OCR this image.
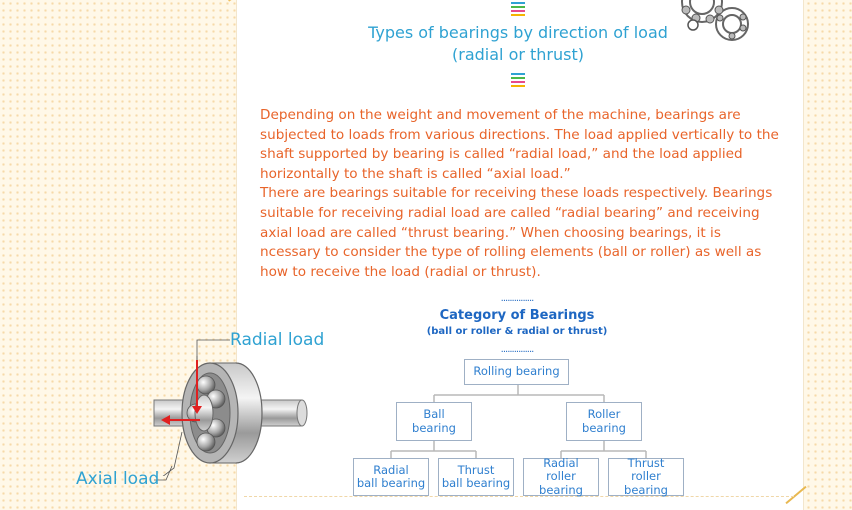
Types of bearings by direction of load
(radial or thrust)

Depending on the weight and movement of the machine, bearings are subjected to loads from various directions. The load applied vertically to the shaft supported by bearing is called “radial load,” and the load applied horizontally to the shaft is called “axial load.”

There are bearings suitable for receiving these loads respectively. Bearings suitable for receiving radial load are called “radial bearing” and receiving axial load are called “thrust bearing.” When choosing bearings, it is ncessary to consider the type of rolling elements (ball or roller) as well as how to receive the load (radial or thrust).

...............
Category of Bearings
(ball or roller & radial or thrust)
...............
Rolling bearing
Ball
bearing
Roller
bearing
Radial
ball bearing
Thrust
ball bearing
Radial
roller bearing
Thrust
roller bearing
Radial load
Axial load
